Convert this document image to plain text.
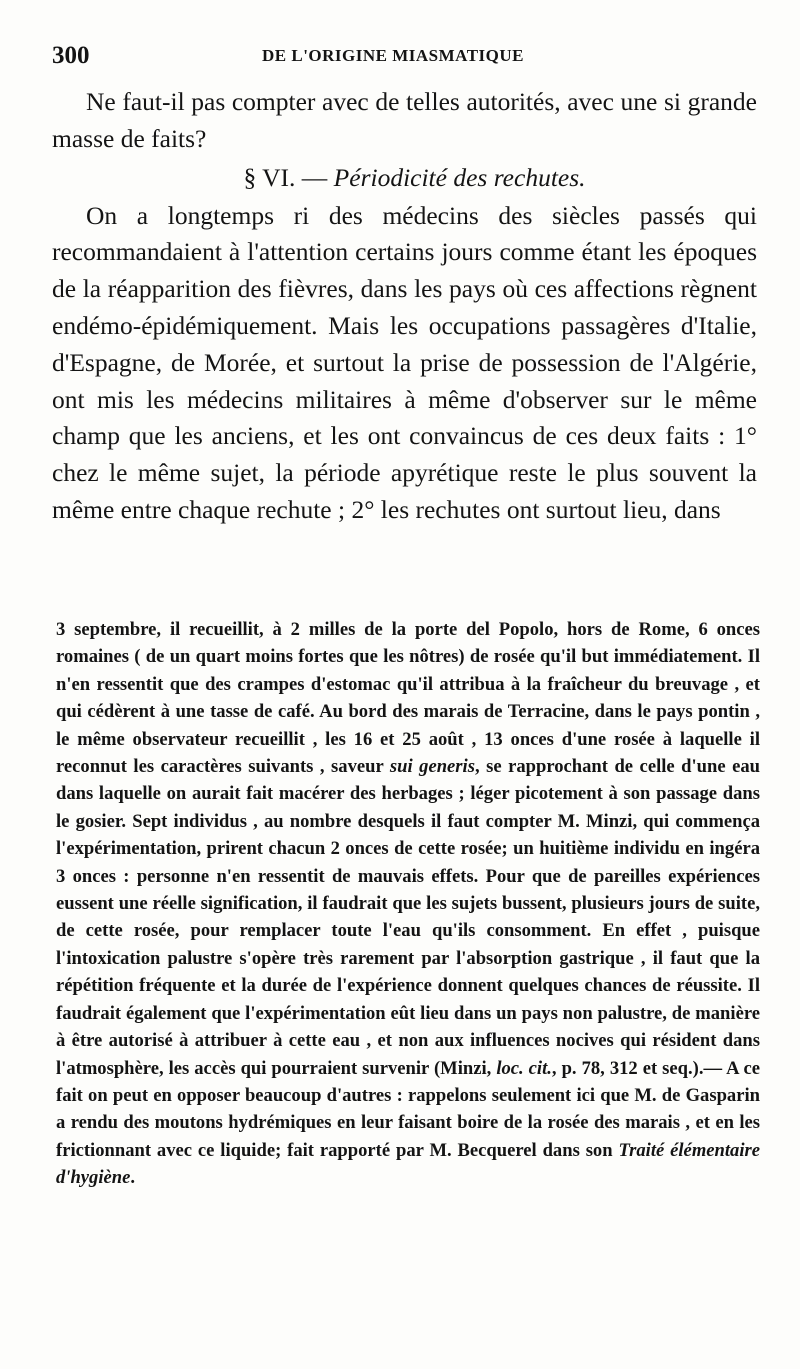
300	DE L'ORIGINE MIASMATIQUE

Ne faut-il pas compter avec de telles autorités, avec une si grande masse de faits?

§ VI. — Périodicité des rechutes.

On a longtemps ri des médecins des siècles passés qui recommandaient à l'attention certains jours comme étant les époques de la réapparition des fièvres, dans les pays où ces affections règnent endémo-épidémiquement. Mais les occupations passagères d'Italie, d'Espagne, de Morée, et surtout la prise de possession de l'Algérie, ont mis les médecins militaires à même d'observer sur le même champ que les anciens, et les ont convaincus de ces deux faits : 1° chez le même sujet, la période apyrétique reste le plus souvent la même entre chaque rechute ; 2° les rechutes ont surtout lieu, dans

3 septembre, il recueillit, à 2 milles de la porte del Popolo, hors de Rome, 6 onces romaines ( de un quart moins fortes que les nôtres) de rosée qu'il but immédiatement. Il n'en ressentit que des crampes d'estomac qu'il attribua à la fraîcheur du breuvage , et qui cédèrent à une tasse de café. Au bord des marais de Terracine, dans le pays pontin , le même observateur recueillit , les 16 et 25 août , 13 onces d'une rosée à laquelle il reconnut les caractères suivants , saveur sui generis, se rapprochant de celle d'une eau dans laquelle on aurait fait macérer des herbages ; léger picotement à son passage dans le gosier. Sept individus , au nombre desquels il faut compter M. Minzi, qui commença l'expérimentation, prirent chacun 2 onces de cette rosée; un huitième individu en ingéra 3 onces : personne n'en ressentit de mauvais effets. Pour que de pareilles expériences eussent une réelle signification, il faudrait que les sujets bussent, plusieurs jours de suite, de cette rosée, pour remplacer toute l'eau qu'ils consomment. En effet , puisque l'intoxication palustre s'opère très rarement par l'absorption gastrique , il faut que la répétition fréquente et la durée de l'expérience donnent quelques chances de réussite. Il faudrait également que l'expérimentation eût lieu dans un pays non palustre, de manière à être autorisé à attribuer à cette eau , et non aux influences nocives qui résident dans l'atmosphère, les accès qui pourraient survenir (Minzi, loc. cit., p. 78, 312 et seq.).— A ce fait on peut en opposer beaucoup d'autres : rappelons seulement ici que M. de Gasparin a rendu des moutons hydrémiques en leur faisant boire de la rosée des marais , et en les frictionnant avec ce liquide; fait rapporté par M. Becquerel dans son Traité élémentaire d'hygiène.
